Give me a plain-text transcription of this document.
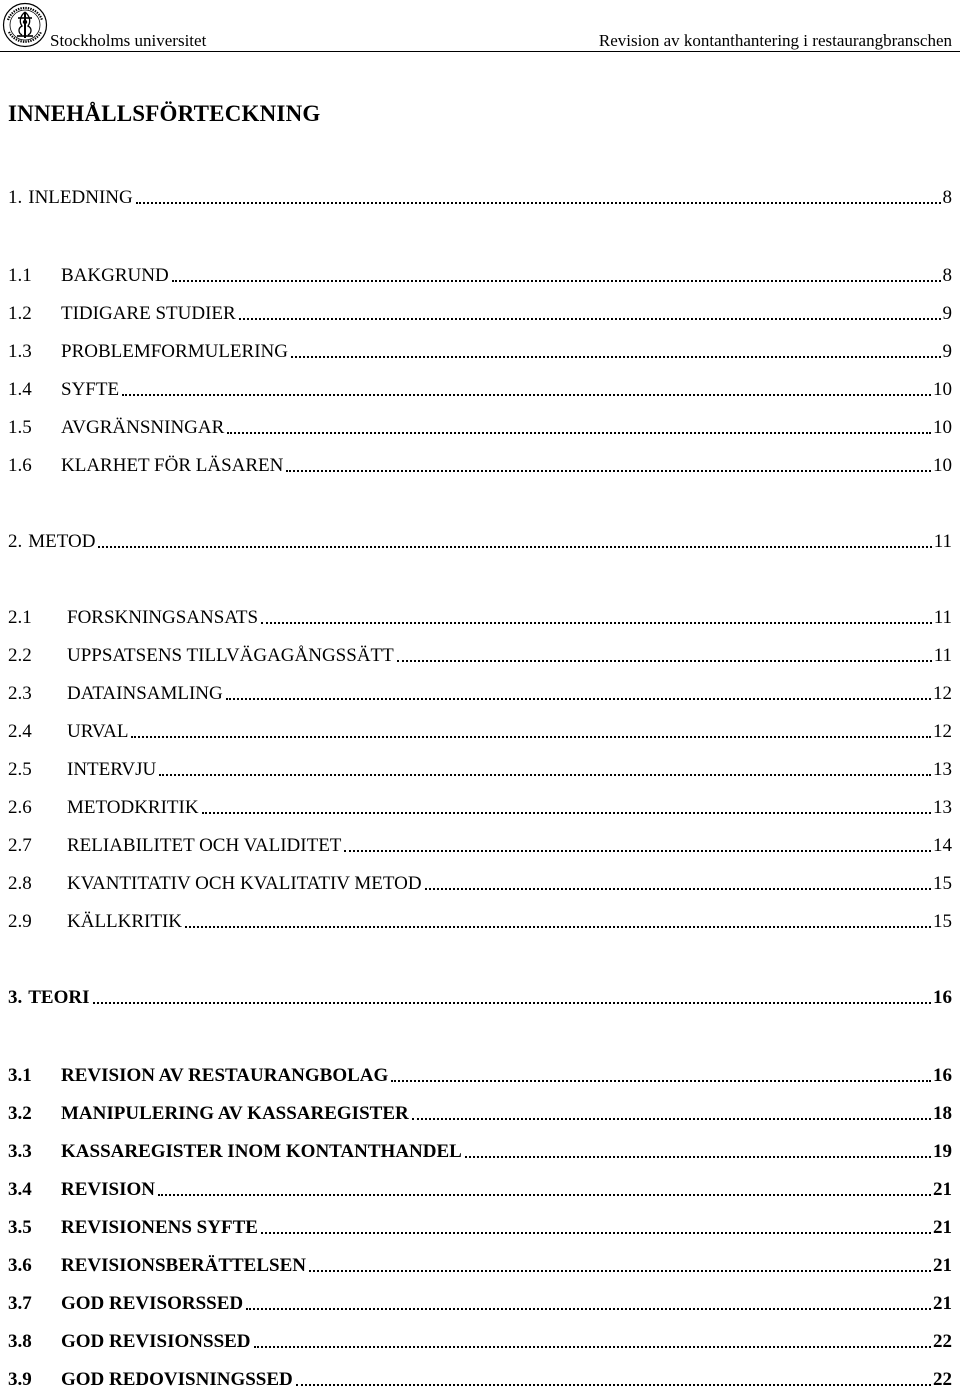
Stockholms universitet	Revision av kontanthantering i restaurangbranschen
INNEHÅLLSFÖRTECKNING
1. INLEDNING	8
1.1	BAKGRUND	8
1.2	TIDIGARE STUDIER	9
1.3	PROBLEMFORMULERING	9
1.4	SYFTE	10
1.5	AVGRÄNSNINGAR	10
1.6	KLARHET FÖR LÄSAREN	10
2. METOD	11
2.1	FORSKNINGSANSATS	11
2.2	UPPSATSENS TILLVÄGAGÅNGSSÄTT	11
2.3	DATAINSAMLING	12
2.4	URVAL	12
2.5	INTERVJU	13
2.6	METODKRITIK	13
2.7	RELIABILITET OCH VALIDITET	14
2.8	KVANTITATIV OCH KVALITATIV METOD	15
2.9	KÄLLKRITIK	15
3. TEORI	16
3.1	REVISION AV RESTAURANGBOLAG	16
3.2	MANIPULERING AV KASSAREGISTER	18
3.3	KASSAREGISTER INOM KONTANTHANDEL	19
3.4	REVISION	21
3.5	REVISIONENS SYFTE	21
3.6	REVISIONSBERÄTTELSEN	21
3.7	GOD REVISORSSED	21
3.8	GOD REVISIONSSED	22
3.9	GOD REDOVISNINGSSED	22
